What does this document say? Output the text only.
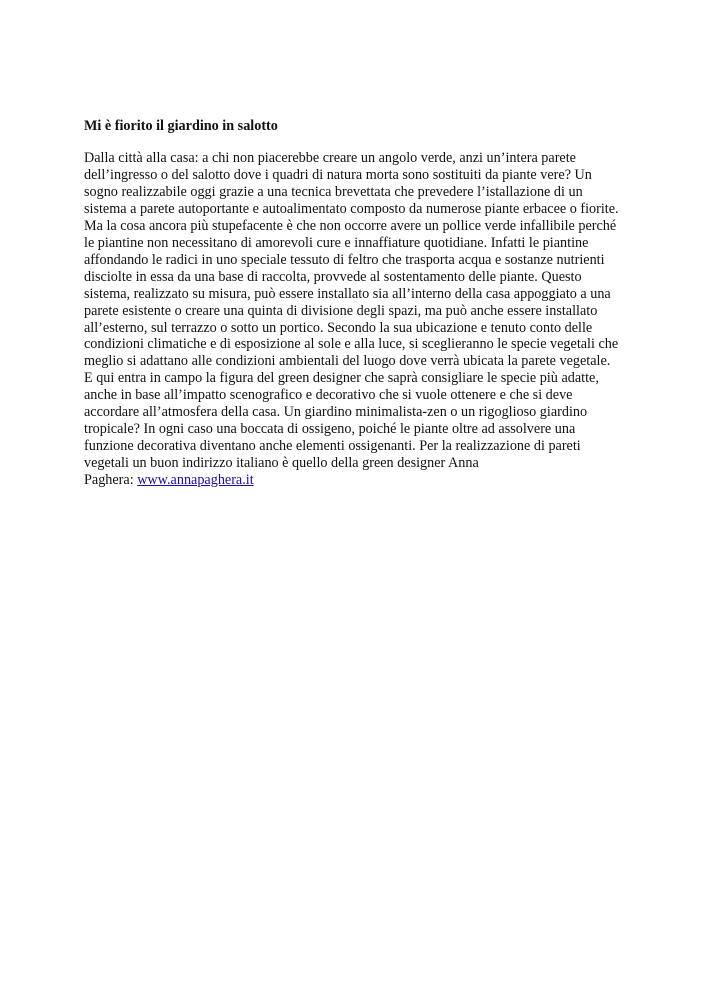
Mi è fiorito il giardino in salotto
Dalla città alla casa: a chi non piacerebbe creare un angolo verde, anzi un’intera parete
dell’ingresso o del salotto dove i quadri di natura morta sono sostituiti da piante vere? Un
sogno realizzabile oggi grazie a una tecnica brevettata che prevedere l’istallazione di un
sistema a parete autoportante e autoalimentato composto da numerose piante erbacee o fiorite.
Ma la cosa ancora più stupefacente è che non occorre avere un pollice verde infallibile perché
le piantine non necessitano di amorevoli cure e innaffiature quotidiane. Infatti le piantine
affondando le radici in uno speciale tessuto di feltro che trasporta acqua e sostanze nutrienti
disciolte in essa da una base di raccolta, provvede al sostentamento delle piante. Questo
sistema, realizzato su misura, può essere installato sia all’interno della casa appoggiato a una
parete esistente o creare una quinta di divisione degli spazi, ma può anche essere installato
all’esterno, sul terrazzo o sotto un portico. Secondo la sua ubicazione e tenuto conto delle
condizioni climatiche e di esposizione al sole e alla luce, si sceglieranno le specie vegetali che
meglio si adattano alle condizioni ambientali del luogo dove verrà ubicata la parete vegetale.
E qui entra in campo la figura del green designer che saprà consigliare le specie più adatte,
anche in base all’impatto scenografico e decorativo che si vuole ottenere e che si deve
accordare all’atmosfera della casa. Un giardino minimalista-zen o un rigoglioso giardino
tropicale? In ogni caso una boccata di ossigeno, poiché le piante oltre ad assolvere una
funzione decorativa diventano anche elementi ossigenanti. Per la realizzazione di pareti
vegetali un buon indirizzo italiano è quello della green designer Anna
Paghera: www.annapaghera.it
